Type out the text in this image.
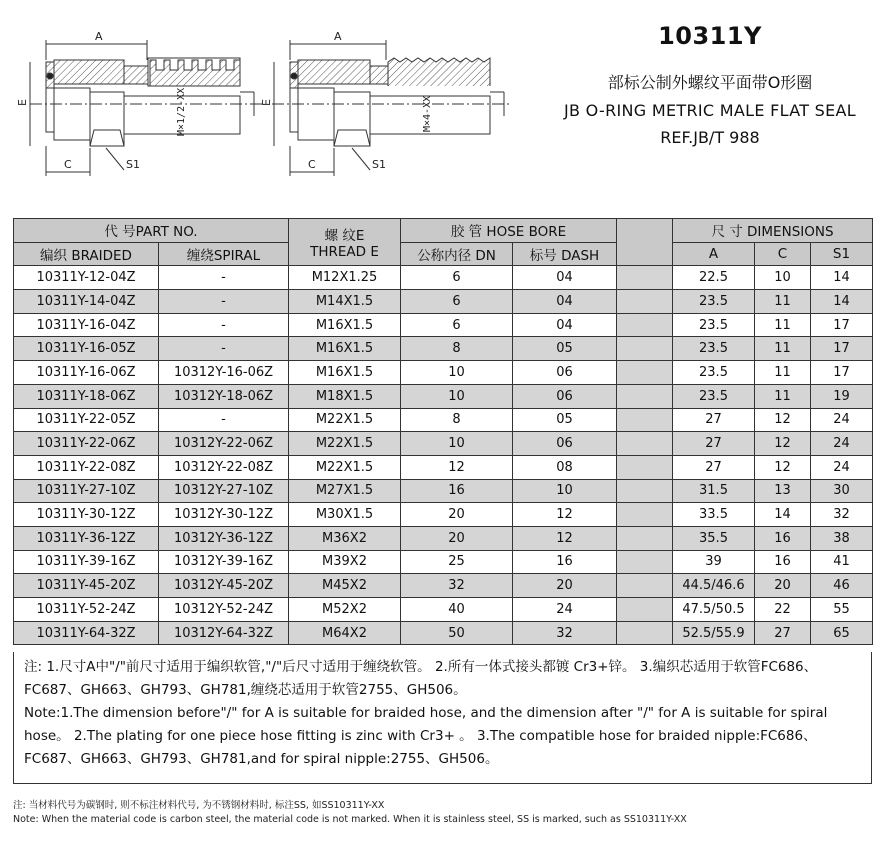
A
E
C	S1
M×1/2-XX
A
E
C	S1
M×4-XX
10311Y
部标公制外螺纹平面带O形圈
JB O-RING METRIC MALE FLAT SEAL
REF.JB/T 988
代 号PART NO.		螺 纹E
THREAD E	胶 管 HOSE BORE			尺 寸 DIMENSIONS		
编织 BRAIDED	缠绕SPIRAL		公称内径 DN	标号 DASH		A	C	S1
10311Y-12-04Z	-	M12X1.25	6	04		22.5	10	14
10311Y-14-04Z	-	M14X1.5	6	04		23.5	11	14
10311Y-16-04Z	-	M16X1.5	6	04		23.5	11	17
10311Y-16-05Z	-	M16X1.5	8	05		23.5	11	17
10311Y-16-06Z	10312Y-16-06Z	M16X1.5	10	06		23.5	11	17
10311Y-18-06Z	10312Y-18-06Z	M18X1.5	10	06		23.5	11	19
10311Y-22-05Z	-	M22X1.5	8	05		27	12	24
10311Y-22-06Z	10312Y-22-06Z	M22X1.5	10	06		27	12	24
10311Y-22-08Z	10312Y-22-08Z	M22X1.5	12	08		27	12	24
10311Y-27-10Z	10312Y-27-10Z	M27X1.5	16	10		31.5	13	30
10311Y-30-12Z	10312Y-30-12Z	M30X1.5	20	12		33.5	14	32
10311Y-36-12Z	10312Y-36-12Z	M36X2	20	12		35.5	16	38
10311Y-39-16Z	10312Y-39-16Z	M39X2	25	16		39	16	41
10311Y-45-20Z	10312Y-45-20Z	M45X2	32	20		44.5/46.6	20	46
10311Y-52-24Z	10312Y-52-24Z	M52X2	40	24		47.5/50.5	22	55
10311Y-64-32Z	10312Y-64-32Z	M64X2	50	32		52.5/55.9	27	65

注: 1.尺寸A中"/"前尺寸适用于编织软管,"/"后尺寸适用于缠绕软管。 2.所有一体式接头都镀 Cr3+锌。 3.编织芯适用于软管FC686、FC687、GH663、GH793、GH781,缠绕芯适用于软管2755、GH506。

Note:1.The dimension before"/" for A is suitable for braided hose, and the dimension after "/" for A is suitable for spiral hose。 2.The plating for one piece hose fitting is zinc with Cr3+ 。 3.The compatible hose for braided nipple:FC686、FC687、GH663、GH793、GH781,and for spiral nipple:2755、GH506。

注: 当材料代号为碳钢时, 则不标注材料代号, 为不锈钢材料时, 标注SS, 如SS10311Y-XX
Note: When the material code is carbon steel, the material code is not marked. When it is stainless steel, SS is marked, such as SS10311Y-XX
